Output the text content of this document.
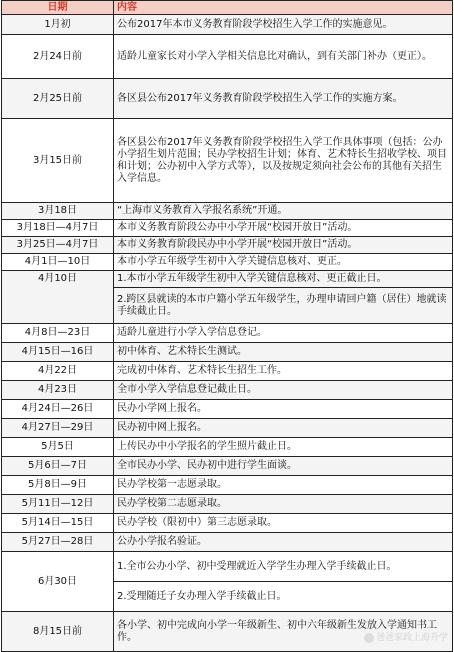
日期	内容
1月初	公布2017年本市义务教育阶段学校招生入学工作的实施意见。
2月24日前	适龄儿童家长对小学入学相关信息比对确认，到有关部门补办（更正）。
2月25日前	各区县公布2017年义务教育阶段学校招生入学工作的实施方案。
3月15日前	各区县公布2017年义务教育阶段学校招生入学工作具体事项（包括：公办小学招生划片范围；民办学校招生计划；体育、艺术特长生招收学校、项目和计划；公办初中入学方式等），以及按规定须向社会公布的其他有关招生入学信息。
3月18日	“上海市义务教育入学报名系统”开通。
3月18日—4月7日	本市义务教育阶段公办中小学开展“校园开放日”活动。
3月25日—4月7日	本市义务教育阶段民办中小学开展“校园开放日”活动。
4月1日—10日	本市小学五年级学生初中入学关键信息核对、更正。
4月10日	1.本市小学五年级学生初中入学关键信息核对、更正截止日。
	2.跨区县就读的本市户籍小学五年级学生，办理申请回户籍（居住）地就读手续截止日。
4月8日—23日	适龄儿童进行小学入学信息登记。
4月15日—16日	初中体育、艺术特长生测试。
4月22日	完成初中体育、艺术特长生招生工作。
4月23日	全市小学入学信息登记截止日。
4月24日—26日	民办小学网上报名。
4月27日—29日	民办初中网上报名。
5月5日	上传民办中小学报名的学生照片截止日。
5月6日—7日	全市民办小学、民办初中进行学生面谈。
5月8日—9日	民办学校第一志愿录取。
5月11日—12日	民办学校第二志愿录取。
5月14日—15日	民办学校（限初中）第三志愿录取。
5月27日—28日	公办小学报名验证。
6月30日	1.全市公办小学、初中受理就近入学学生办理入学手续截止日。
	2.受理随迁子女办理入学手续截止日。
8月15日前	各小学、初中完成向小学一年级新生、初中六年级新生发放入学通知书工作。	爸爸家政上海升学
